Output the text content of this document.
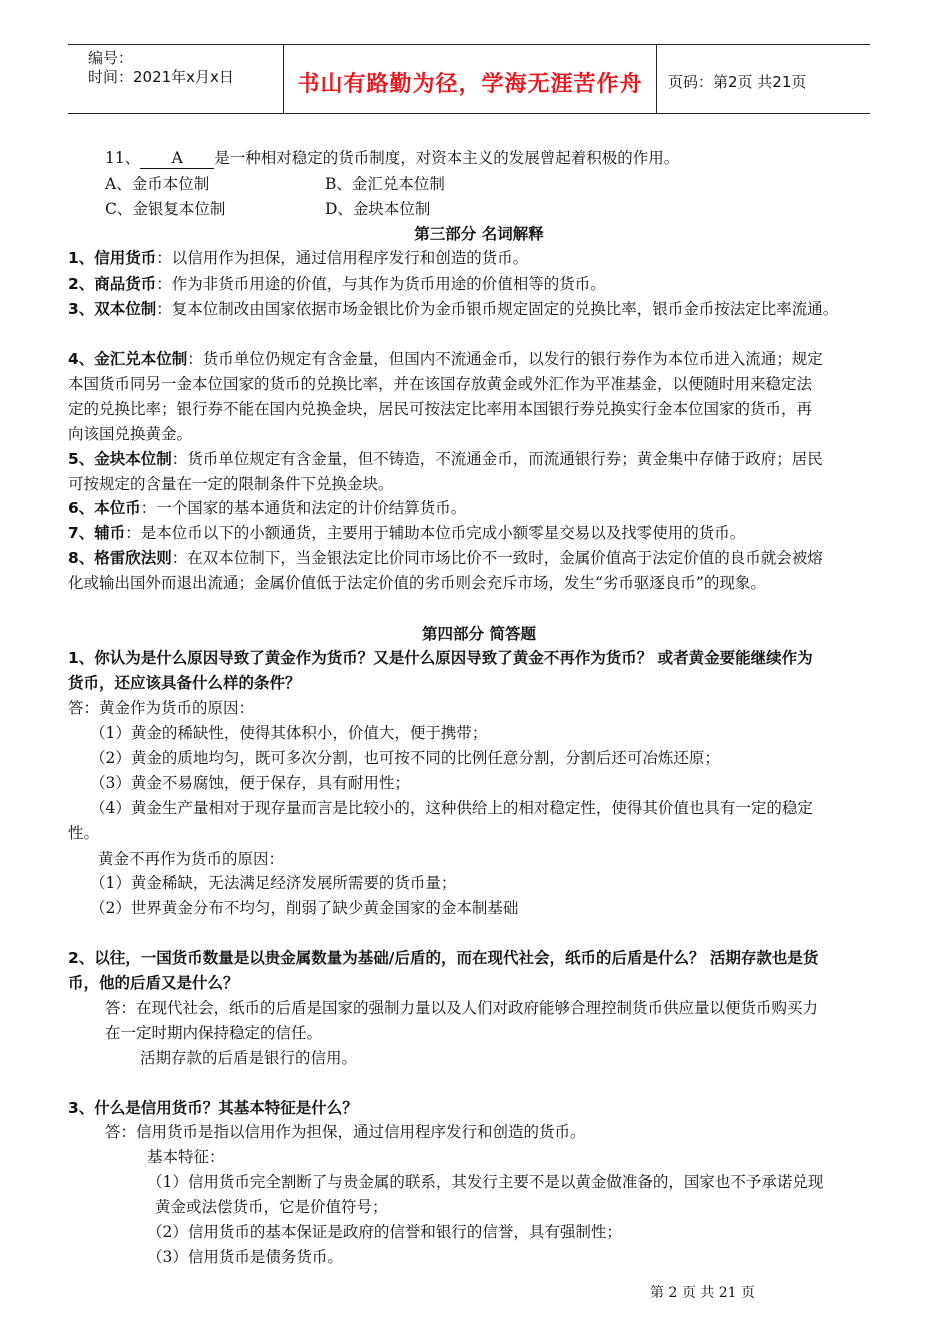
编号：
时间：2021年x月x日	书山有路勤为径，学海无涯苦作舟	页码：第2页 共21页
11、 A 是一种相对稳定的货币制度，对资本主义的发展曾起着积极的作用。
A、金币本位制	B、金汇兑本位制
C、金银复本位制	D、金块本位制
第三部分 名词解释
1、信用货币：以信用作为担保，通过信用程序发行和创造的货币。
2、商品货币：作为非货币用途的价值，与其作为货币用途的价值相等的货币。
3、双本位制：复本位制改由国家依据市场金银比价为金币银币规定固定的兑换比率，银币金币按法定比率流通。
4、金汇兑本位制：货币单位仍规定有含金量，但国内不流通金币，以发行的银行券作为本位币进入流通；规定
本国货币同另一金本位国家的货币的兑换比率，并在该国存放黄金或外汇作为平准基金，以便随时用来稳定法
定的兑换比率；银行券不能在国内兑换金块，居民可按法定比率用本国银行券兑换实行金本位国家的货币，再
向该国兑换黄金。
5、金块本位制：货币单位规定有含金量，但不铸造，不流通金币，而流通银行券；黄金集中存储于政府；居民
可按规定的含量在一定的限制条件下兑换金块。
6、本位币：一个国家的基本通货和法定的计价结算货币。
7、辅币：是本位币以下的小额通货，主要用于辅助本位币完成小额零星交易以及找零使用的货币。
8、格雷欣法则：在双本位制下，当金银法定比价同市场比价不一致时，金属价值高于法定价值的良币就会被熔
化或输出国外而退出流通；金属价值低于法定价值的劣币则会充斥市场，发生“劣币驱逐良币”的现象。
第四部分 简答题
1、你认为是什么原因导致了黄金作为货币？又是什么原因导致了黄金不再作为货币？ 或者黄金要能继续作为
货币，还应该具备什么样的条件？
答：黄金作为货币的原因：
（1）黄金的稀缺性，使得其体积小，价值大，便于携带；
（2）黄金的质地均匀，既可多次分割，也可按不同的比例任意分割，分割后还可冶炼还原；
（3）黄金不易腐蚀，便于保存，具有耐用性；
（4）黄金生产量相对于现存量而言是比较小的，这种供给上的相对稳定性，使得其价值也具有一定的稳定
性。
黄金不再作为货币的原因：
（1）黄金稀缺，无法满足经济发展所需要的货币量；
（2）世界黄金分布不均匀，削弱了缺少黄金国家的金本制基础
2、以往，一国货币数量是以贵金属数量为基础/后盾的，而在现代社会，纸币的后盾是什么？ 活期存款也是货
币，他的后盾又是什么？
答：在现代社会，纸币的后盾是国家的强制力量以及人们对政府能够合理控制货币供应量以便货币购买力
在一定时期内保持稳定的信任。
活期存款的后盾是银行的信用。
3、什么是信用货币？其基本特征是什么？
答：信用货币是指以信用作为担保，通过信用程序发行和创造的货币。
基本特征：
（1）信用货币完全割断了与贵金属的联系，其发行主要不是以黄金做准备的，国家也不予承诺兑现
黄金或法偿货币，它是价值符号；
（2）信用货币的基本保证是政府的信誉和银行的信誉，具有强制性；
（3）信用货币是债务货币。
第 2 页 共 21 页
